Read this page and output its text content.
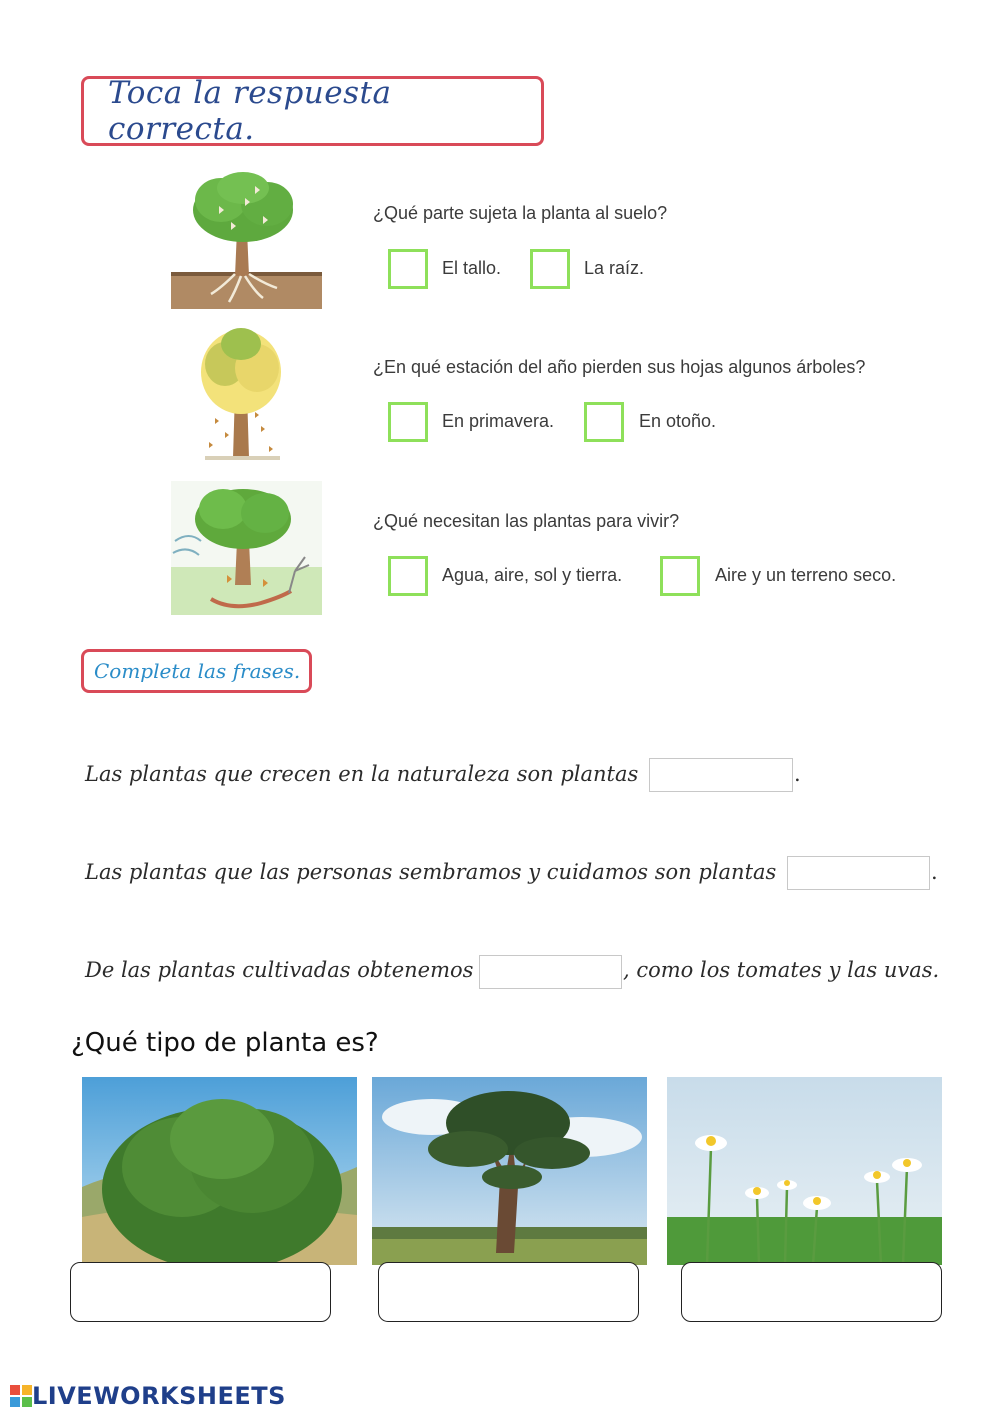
Toca la respuesta correcta.
¿Qué parte sujeta la planta al suelo?
El tallo.	La raíz.
¿En qué estación del año pierden sus hojas algunos árboles?
En primavera.	En otoño.
¿Qué necesitan las plantas para vivir?
Agua, aire, sol y tierra.	Aire y un terreno seco.
Completa las frases.
Las plantas que crecen en la naturaleza son plantas	.
Las plantas que las personas sembramos y cuidamos son plantas	.
De las plantas cultivadas obtenemos	, como los tomates y las uvas.
¿Qué tipo de planta es?
LIVEWORKSHEETS
